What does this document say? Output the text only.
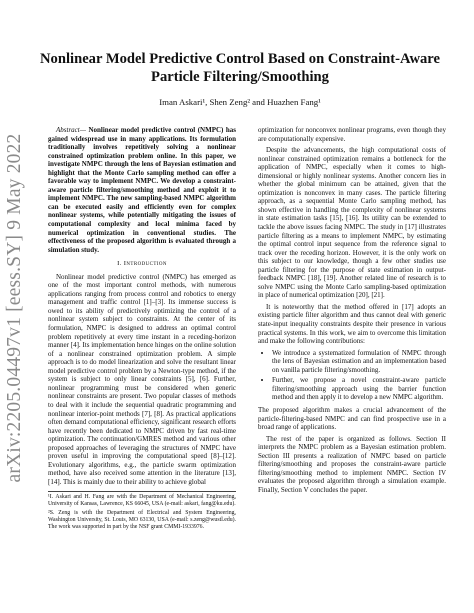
arXiv:2205.04497v1 [eess.SY] 9 May 2022
Nonlinear Model Predictive Control Based on Constraint-Aware Particle Filtering/Smoothing
Iman Askari¹, Shen Zeng² and Huazhen Fang¹

Abstract— Nonlinear model predictive control (NMPC) has gained widespread use in many applications. Its formulation traditionally involves repetitively solving a nonlinear constrained optimization problem online. In this paper, we investigate NMPC through the lens of Bayesian estimation and highlight that the Monte Carlo sampling method can offer a favorable way to implement NMPC. We develop a constraint-aware particle filtering/smoothing method and exploit it to implement NMPC. The new sampling-based NMPC algorithm can be executed easily and efficiently even for complex nonlinear systems, while potentially mitigating the issues of computational complexity and local minima faced by numerical optimization in conventional studies. The effectiveness of the proposed algorithm is evaluated through a simulation study.

I. Introduction

Nonlinear model predictive control (NMPC) has emerged as one of the most important control methods, with numerous applications ranging from process control and robotics to energy management and traffic control [1]–[3]. Its immense success is owed to its ability of predictively optimizing the control of a nonlinear system subject to constraints. At the center of its formulation, NMPC is designed to address an optimal control problem repetitively at every time instant in a receding-horizon manner [4]. Its implementation hence hinges on the online solution of a nonlinear constrained optimization problem. A simple approach is to do model linearization and solve the resultant linear model predictive control problem by a Newton-type method, if the system is subject to only linear constraints [5], [6]. Further, nonlinear programming must be considered when generic nonlinear constraints are present. Two popular classes of methods to deal with it include the sequential quadratic programming and nonlinear interior-point methods [7], [8]. As practical applications often demand computational efficiency, significant research efforts have recently been dedicated to NMPC driven by fast real-time optimization. The continuation/GMRES method and various other proposed approaches of leveraging the structures of NMPC have proven useful in improving the computational speed [8]–[12]. Evolutionary algorithms, e.g., the particle swarm optimization method, have also received some attention in the literature [13], [14]. This is mainly due to their ability to achieve global

¹I. Askari and H. Fang are with the Department of Mechanical Engineering, University of Kansas, Lawrence, KS 66045, USA (e-mail: askari, fang@ku.edu).

²S. Zeng is with the Department of Electrical and System Engineering, Washington University, St. Louis, MO 63130, USA (e-mail: s.zeng@wustl.edu). The work was supported in part by the NSF grant CMMI-1933976.

optimization for nonconvex nonlinear programs, even though they are computationally expensive.

Despite the advancements, the high computational costs of nonlinear constrained optimization remains a bottleneck for the application of NMPC, especially when it comes to high-dimensional or highly nonlinear systems. Another concern lies in whether the global minimum can be attained, given that the optimization is nonconvex in many cases. The particle filtering approach, as a sequential Monte Carlo sampling method, has shown effective in handling the complexity of nonlinear systems in state estimation tasks [15], [16]. Its utility can be extended to tackle the above issues facing NMPC. The study in [17] illustrates particle filtering as a means to implement NMPC, by estimating the optimal control input sequence from the reference signal to track over the receding horizon. However, it is the only work on this subject to our knowledge, though a few other studies use particle filtering for the purpose of state estimation in output-feedback NMPC [18], [19]. Another related line of research is to solve NMPC using the Monte Carlo sampling-based optimization in place of numerical optimization [20], [21].

It is noteworthy that the method offered in [17] adopts an existing particle filter algorithm and thus cannot deal with generic state-input inequality constraints despite their presence in various practical systems. In this work, we aim to overcome this limitation and make the following contributions:

• We introduce a systematized formulation of NMPC through the lens of Bayesian estimation and an implementation based on vanilla particle filtering/smoothing.
• Further, we propose a novel constraint-aware particle filtering/smoothing approach using the barrier function method and then apply it to develop a new NMPC algorithm.

The proposed algorithm makes a crucial advancement of the particle-filtering-based NMPC and can find prospective use in a broad range of applications.

The rest of the paper is organized as follows. Section II interprets the NMPC problem as a Bayesian estimation problem. Section III presents a realization of NMPC based on particle filtering/smoothing and proposes the constraint-aware particle filtering/smoothing method to implement NMPC. Section IV evaluates the proposed algorithm through a simulation example. Finally, Section V concludes the paper.
